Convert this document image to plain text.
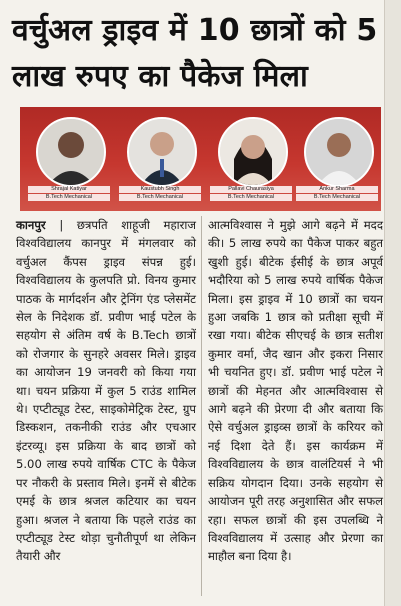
वर्चुअल ड्राइव में 10 छात्रों को 5 लाख रुपए का पैकेज मिला
Shrajal Katiyar
B.Tech Mechanical
Kaustubh Singh
B.Tech Mechanical
Pallavi Chaurasiya
B.Tech Mechanical
Ankur Sharma
B.Tech Mechanical
कानपुर | छत्रपति शाहूजी महाराज विश्वविद्यालय कानपुर में मंगलवार को वर्चुअल कैंपस ड्राइव संपन्न हुई। विश्वविद्यालय के कुलपति प्रो. विनय कुमार पाठक के मार्गदर्शन और ट्रेनिंग एंड प्लेसमेंट सेल के निदेशक डॉ. प्रवीण भाई पटेल के सहयोग से अंतिम वर्ष के B.Tech छात्रों को रोजगार के सुनहरे अवसर मिले। ड्राइव का आयोजन 19 जनवरी को किया गया था। चयन प्रक्रिया में कुल 5 राउंड शामिल थे। एप्टीट्यूड टेस्ट, साइकोमेट्रिक टेस्ट, ग्रुप डिस्कशन, तकनीकी राउंड और एचआर इंटरव्यू। इस प्रक्रिया के बाद छात्रों को 5.00 लाख रुपये वार्षिक CTC के पैकेज पर नौकरी के प्रस्ताव मिले। इनमें से बीटेक एमई के छात्र श्रजल कटियार का चयन हुआ। श्रजल ने बताया कि पहले राउंड का एप्टीट्यूड टेस्ट थोड़ा चुनौतीपूर्ण था लेकिन तैयारी और
आत्मविश्वास ने मुझे आगे बढ़ने में मदद की। 5 लाख रुपये का पैकेज पाकर बहुत खुशी हुई। बीटेक ईसीई के छात्र अपूर्व भदौरिया को 5 लाख रुपये वार्षिक पैकेज मिला। इस ड्राइव में 10 छात्रों का चयन हुआ जबकि 1 छात्र को प्रतीक्षा सूची में रखा गया। बीटेक सीएचई के छात्र सतीश कुमार वर्मा, जैद खान और इकरा निसार भी चयनित हुए। डॉ. प्रवीण भाई पटेल ने छात्रों की मेहनत और आत्मविश्वास से आगे बढ़ने की प्रेरणा दी और बताया कि ऐसे वर्चुअल ड्राइव्स छात्रों के करियर को नई दिशा देते हैं। इस कार्यक्रम में विश्वविद्यालय के छात्र वालंटियर्स ने भी सक्रिय योगदान दिया। उनके सहयोग से आयोजन पूरी तरह अनुशासित और सफल रहा। सफल छात्रों की इस उपलब्धि ने विश्वविद्यालय में उत्साह और प्रेरणा का माहौल बना दिया है।
